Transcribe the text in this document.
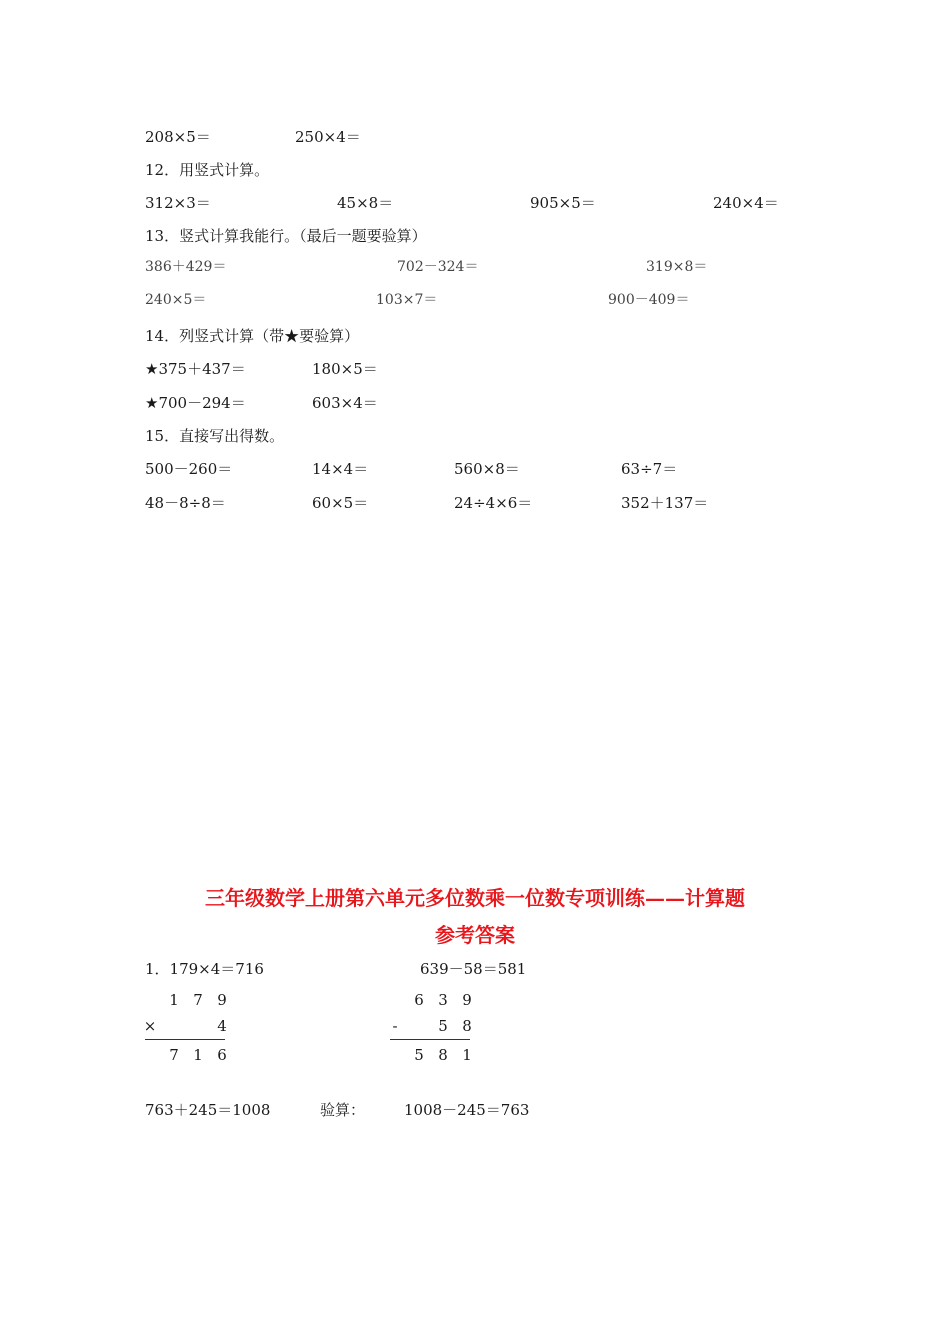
208×5＝	250×4＝
12．用竖式计算。
312×3＝	45×8＝	905×5＝	240×4＝
13．竖式计算我能行。（最后一题要验算）
386＋429＝	702－324＝	319×8＝
240×5＝	103×7＝	900－409＝
14．列竖式计算（带★要验算）
★375＋437＝	180×5＝
★700－294＝	603×4＝
15．直接写出得数。
500－260＝	14×4＝	560×8＝	63÷7＝
48－8÷8＝	60×5＝	24÷4×6＝	352＋137＝
三年级数学上册第六单元多位数乘一位数专项训练——计算题
参考答案
1．179×4＝716	639－58＝581
1 7 9
×	4
7 1 6
6 3 9
-	5 8
5 8 1
763＋245＝1008	验算：	1008－245＝763
